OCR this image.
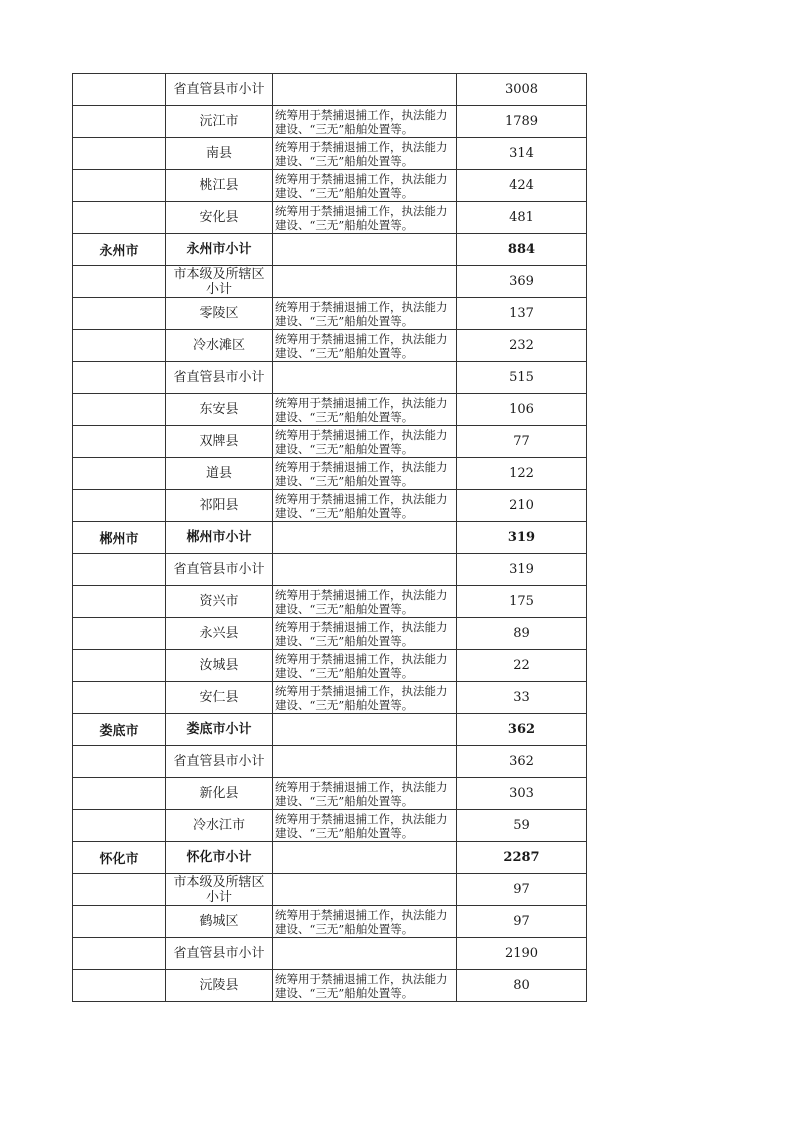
	省直管县市小计		3008
	沅江市	统筹用于禁捕退捕工作，执法能力建设、“三无”船舶处置等。	1789
	南县	统筹用于禁捕退捕工作，执法能力建设、“三无”船舶处置等。	314
	桃江县	统筹用于禁捕退捕工作，执法能力建设、“三无”船舶处置等。	424
	安化县	统筹用于禁捕退捕工作，执法能力建设、“三无”船舶处置等。	481
永州市	永州市小计		884
	市本级及所辖区小计		369
	零陵区	统筹用于禁捕退捕工作，执法能力建设、“三无”船舶处置等。	137
	冷水滩区	统筹用于禁捕退捕工作，执法能力建设、“三无”船舶处置等。	232
	省直管县市小计		515
	东安县	统筹用于禁捕退捕工作，执法能力建设、“三无”船舶处置等。	106
	双牌县	统筹用于禁捕退捕工作，执法能力建设、“三无”船舶处置等。	77
	道县	统筹用于禁捕退捕工作，执法能力建设、“三无”船舶处置等。	122
	祁阳县	统筹用于禁捕退捕工作，执法能力建设、“三无”船舶处置等。	210
郴州市	郴州市小计		319
	省直管县市小计		319
	资兴市	统筹用于禁捕退捕工作，执法能力建设、“三无”船舶处置等。	175
	永兴县	统筹用于禁捕退捕工作，执法能力建设、“三无”船舶处置等。	89
	汝城县	统筹用于禁捕退捕工作，执法能力建设、“三无”船舶处置等。	22
	安仁县	统筹用于禁捕退捕工作，执法能力建设、“三无”船舶处置等。	33
娄底市	娄底市小计		362
	省直管县市小计		362
	新化县	统筹用于禁捕退捕工作，执法能力建设、“三无”船舶处置等。	303
	冷水江市	统筹用于禁捕退捕工作，执法能力建设、“三无”船舶处置等。	59
怀化市	怀化市小计		2287
	市本级及所辖区小计		97
	鹤城区	统筹用于禁捕退捕工作，执法能力建设、“三无”船舶处置等。	97
	省直管县市小计		2190
	沅陵县	统筹用于禁捕退捕工作，执法能力建设、“三无”船舶处置等。	80
